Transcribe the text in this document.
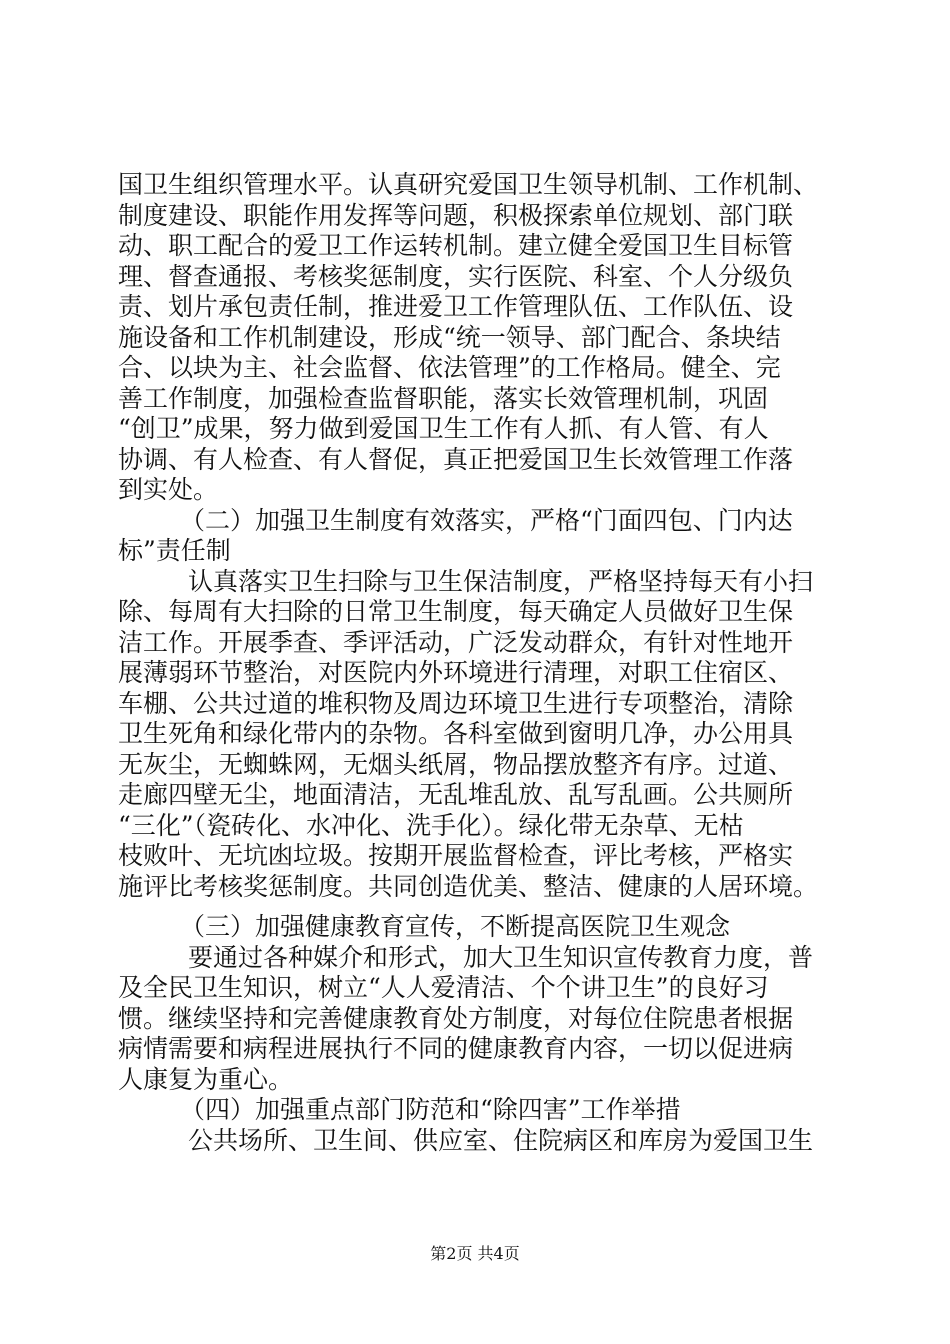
国卫生组织管理水平。认真研究爱国卫生领导机制、工作机制、

制度建设、职能作用发挥等问题，积极探索单位规划、部门联

动、职工配合的爱卫工作运转机制。建立健全爱国卫生目标管

理、督查通报、考核奖惩制度，实行医院、科室、个人分级负

责、划片承包责任制，推进爱卫工作管理队伍、工作队伍、设

施设备和工作机制建设，形成“统一领导、部门配合、条块结

合、以块为主、社会监督、依法管理”的工作格局。健全、完

善工作制度，加强检查监督职能，落实长效管理机制，巩固

“创卫”成果，努力做到爱国卫生工作有人抓、有人管、有人

协调、有人检查、有人督促，真正把爱国卫生长效管理工作落

到实处。

（二）加强卫生制度有效落实，严格“门面四包、门内达

标”责任制

认真落实卫生扫除与卫生保洁制度，严格坚持每天有小扫

除、每周有大扫除的日常卫生制度，每天确定人员做好卫生保

洁工作。开展季查、季评活动，广泛发动群众，有针对性地开

展薄弱环节整治，对医院内外环境进行清理，对职工住宿区、

车棚、公共过道的堆积物及周边环境卫生进行专项整治，清除

卫生死角和绿化带内的杂物。各科室做到窗明几净，办公用具

无灰尘，无蜘蛛网，无烟头纸屑，物品摆放整齐有序。过道、

走廊四壁无尘，地面清洁，无乱堆乱放、乱写乱画。公共厕所

“三化”（瓷砖化、水冲化、洗手化）。绿化带无杂草、无枯

枝败叶、无坑凼垃圾。按期开展监督检查，评比考核，严格实

施评比考核奖惩制度。共同创造优美、整洁、健康的人居环境。

（三）加强健康教育宣传，不断提高医院卫生观念

要通过各种媒介和形式，加大卫生知识宣传教育力度，普

及全民卫生知识，树立“人人爱清洁、个个讲卫生”的良好习

惯。继续坚持和完善健康教育处方制度，对每位住院患者根据

病情需要和病程进展执行不同的健康教育内容，一切以促进病

人康复为重心。

（四）加强重点部门防范和“除四害”工作举措

公共场所、卫生间、供应室、住院病区和库房为爱国卫生

第2页 共4页
